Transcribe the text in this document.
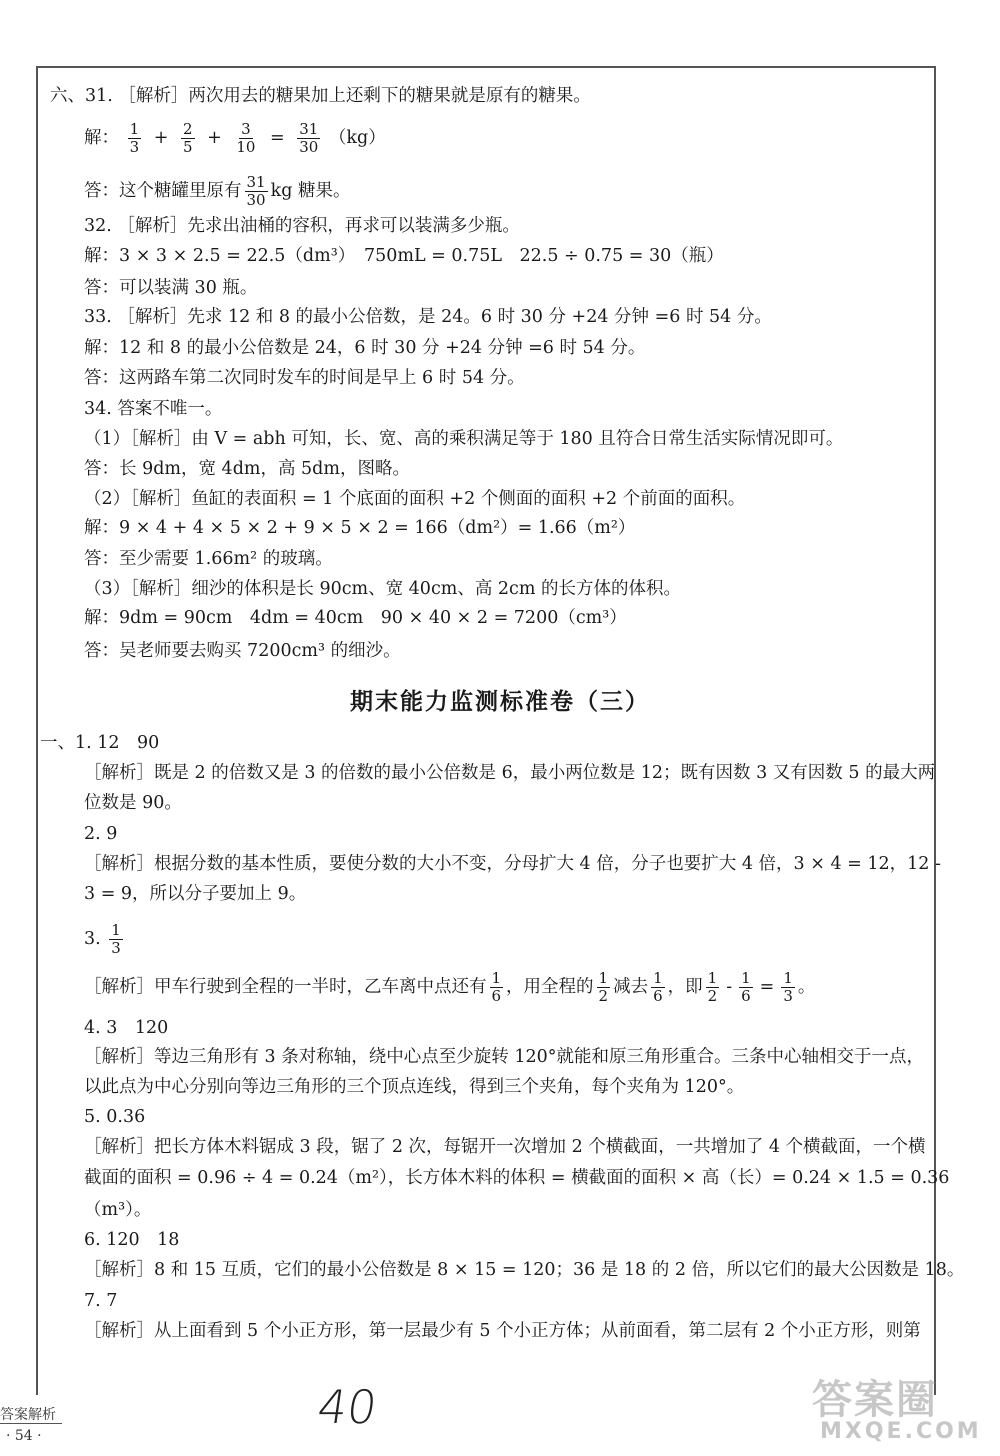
六、31. ［解析］两次用去的糖果加上还剩下的糖果就是原有的糖果。
解： $\frac{1}{3} + \frac{2}{5} + \frac{3}{10} = \frac{31}{30} (kg)$
答：这个糖罐里原有 $\frac{31}{30}$ kg 糖果。
32. ［解析］先求出油桶的容积，再求可以装满多少瓶。
解：3 × 3 × 2.5 = 22.5（dm³）　750mL = 0.75L　22.5 ÷ 0.75 = 30（瓶）
答：可以装满 30 瓶。
33. ［解析］先求 12 和 8 的最小公倍数，是 24。6 时 30 分 +24 分钟 =6 时 54 分。
解：12 和 8 的最小公倍数是 24，6 时 30 分 +24 分钟 =6 时 54 分。
答：这两路车第二次同时发车的时间是早上 6 时 54 分。
34. 答案不唯一。
（1）［解析］由 V = abh 可知，长、宽、高的乘积满足等于 180 且符合日常生活实际情况即可。
答：长 9dm，宽 4dm，高 5dm，图略。
（2）［解析］鱼缸的表面积 = 1 个底面的面积 +2 个侧面的面积 +2 个前面的面积。
解：9 × 4 + 4 × 5 × 2 + 9 × 5 × 2 = 166（dm²）= 1.66（m²）
答：至少需要 1.66m² 的玻璃。
（3）［解析］细沙的体积是长 90cm、宽 40cm、高 2cm 的长方体的体积。
解：9dm = 90cm　4dm = 40cm　90 × 40 × 2 = 7200（cm³）
答：吴老师要去购买 7200cm³ 的细沙。
期末能力监测标准卷（三）
一、1. 12　90
［解析］既是 2 的倍数又是 3 的倍数的最小公倍数是 6，最小两位数是 12；既有因数 3 又有因数 5 的最大两
位数是 90。
2. 9
［解析］根据分数的基本性质，要使分数的大小不变，分母扩大 4 倍，分子也要扩大 4 倍，3 × 4 = 12，12 -
3 = 9，所以分子要加上 9。
3. $\frac{1}{3}$
［解析］甲车行驶到全程的一半时，乙车离中点还有 $\frac{1}{6}$ ，用全程的 $\frac{1}{2}$ 减去 $\frac{1}{6}$ ，即 $\frac{1}{2} - \frac{1}{6} = \frac{1}{3}$ 。
4. 3　120
［解析］等边三角形有 3 条对称轴，绕中心点至少旋转 120°就能和原三角形重合。三条中心轴相交于一点，
以此点为中心分别向等边三角形的三个顶点连线，得到三个夹角，每个夹角为 120°。
5. 0.36
［解析］把长方体木料锯成 3 段，锯了 2 次，每锯开一次增加 2 个横截面，一共增加了 4 个横截面，一个横
截面的面积 = 0.96 ÷ 4 = 0.24（m²），长方体木料的体积 = 横截面的面积 × 高（长）= 0.24 × 1.5 = 0.36
（m³）。
6. 120　18
［解析］8 和 15 互质，它们的最小公倍数是 8 × 15 = 120；36 是 18 的 2 倍，所以它们的最大公因数是 18。
7. 7
［解析］从上面看到 5 个小正方形，第一层最少有 5 个小正方体；从前面看，第二层有 2 个小正方形，则第
答案解析
· 54 ·
40	答案圈
MXQE.COM
